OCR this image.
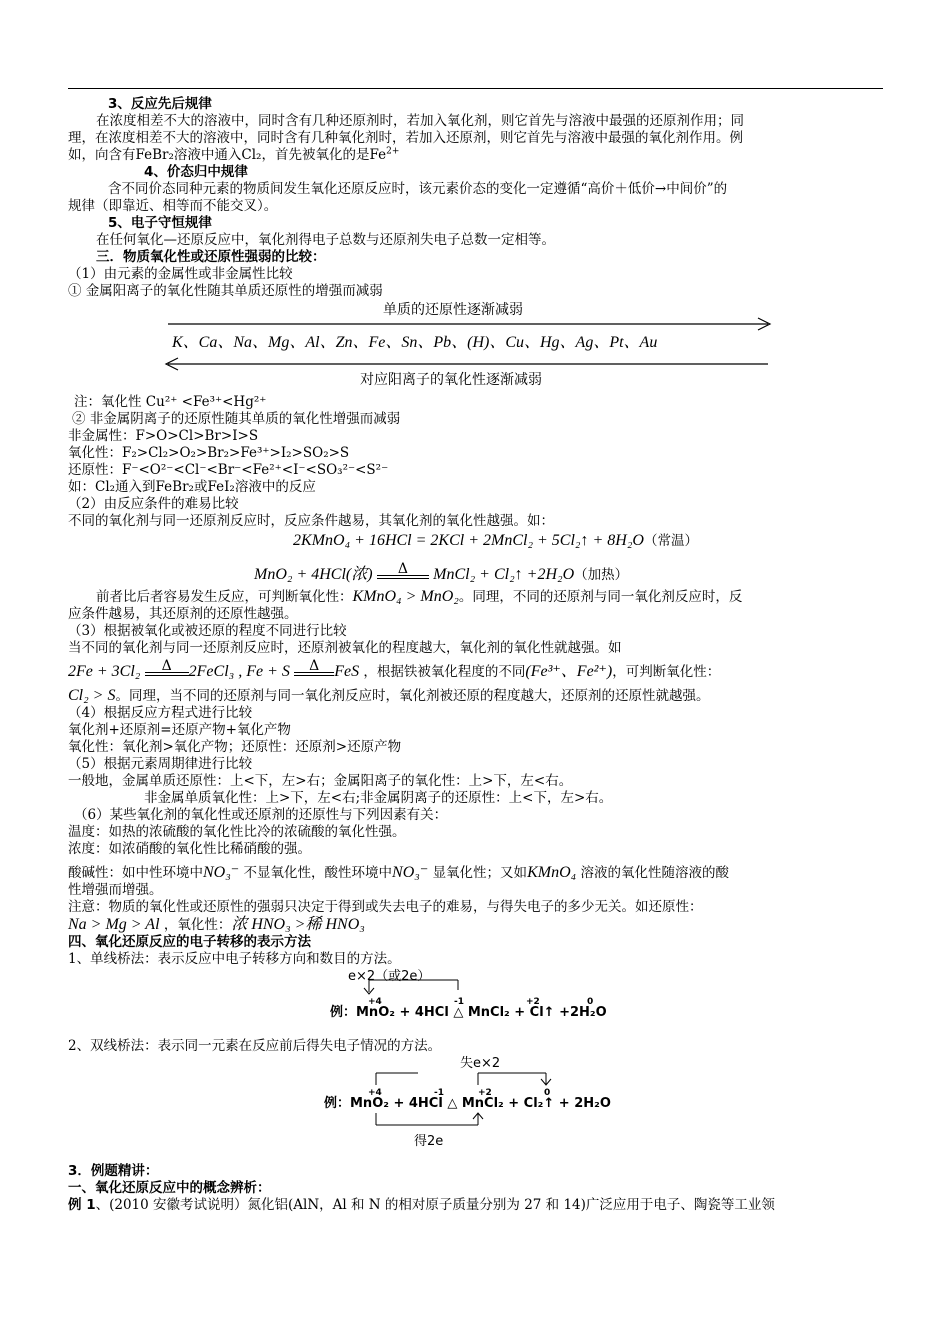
3、反应先后规律
在浓度相差不大的溶液中，同时含有几种还原剂时，若加入氧化剂，则它首先与溶液中最强的还原剂作用；同
理，在浓度相差不大的溶液中，同时含有几种氧化剂时，若加入还原剂，则它首先与溶液中最强的氧化剂作用。例
如，向含有FeBr₂溶液中通入Cl₂，首先被氧化的是$Fe^{2+}$
4、价态归中规律
含不同价态同种元素的物质间发生氧化还原反应时，该元素价态的变化一定遵循“高价＋低价→中间价”的
规律（即靠近、相等而不能交叉）。
5、电子守恒规律
在任何氧化—还原反应中，氧化剂得电子总数与还原剂失电子总数一定相等。
三．物质氧化性或还原性强弱的比较：
（1）由元素的金属性或非金属性比较
① 金属阳离子的氧化性随其单质还原性的增强而减弱
单质的还原性逐渐减弱
K、Ca、Na、Mg、Al、Zn、Fe、Sn、Pb、(H)、Cu、Hg、Ag、Pt、Au
对应阳离子的氧化性逐渐减弱
注：氧化性 Cu²⁺ <Fe³⁺<Hg²⁺
② 非金属阴离子的还原性随其单质的氧化性增强而减弱
非金属性：F>O>Cl>Br>I>S
氧化性：F₂>Cl₂>O₂>Br₂>Fe³⁺>I₂>SO₂>S
还原性：F⁻<O²⁻<Cl⁻<Br⁻<Fe²⁺<I⁻<SO₃²⁻<S²⁻
如：Cl₂通入到FeBr₂或FeI₂溶液中的反应
（2）由反应条件的难易比较
不同的氧化剂与同一还原剂反应时，反应条件越易，其氧化剂的氧化性越强。如：
2KMnO₄ + 16HCl = 2KCl + 2MnCl₂ + 5Cl₂↑ + 8H₂O（常温）
MnO₂ + 4HCl(浓)	Δ	MnCl₂ + Cl₂↑ +2H₂O（加热）
前者比后者容易发生反应，可判断氧化性：KMnO₄ > MnO₂。同理，不同的还原剂与同一氧化剂反应时，反
应条件越易，其还原剂的还原性越强。
（3）根据被氧化或被还原的程度不同进行比较
当不同的氧化剂与同一还原剂反应时，还原剂被氧化的程度越大，氧化剂的氧化性就越强。如
2Fe + 3Cl₂	Δ	2FeCl₃ , Fe + S	Δ FeS ，根据铁被氧化程度的不同(Fe³⁺、Fe²⁺)，可判断氧化性：
Cl₂ > S。同理，当不同的还原剂与同一氧化剂反应时，氧化剂被还原的程度越大，还原剂的还原性就越强。
（4）根据反应方程式进行比较
氧化剂+还原剂=还原产物+氧化产物
氧化性：氧化剂>氧化产物；还原性：还原剂>还原产物
（5）根据元素周期律进行比较
一般地，金属单质还原性：上<下，左>右；金属阳离子的氧化性：上>下，左<右。
非金属单质氧化性：上>下，左<右;非金属阴离子的还原性：上<下，左>右。
（6）某些氧化剂的氧化性或还原剂的还原性与下列因素有关：
温度：如热的浓硫酸的氧化性比冷的浓硫酸的氧化性强。
浓度：如浓硝酸的氧化性比稀硝酸的强。
酸碱性：如中性环境中NO₃⁻ 不显氧化性，酸性环境中NO₃⁻ 显氧化性；又如KMnO₄ 溶液的氧化性随溶液的酸
性增强而增强。
注意：物质的氧化性或还原性的强弱只决定于得到或失去电子的难易，与得失电子的多少无关。如还原性：
Na > Mg > Al ，氧化性：浓 HNO₃ >稀 HNO₃
四、氧化还原反应的电子转移的表示方法
1、单线桥法：表示反应中电子转移方向和数目的方法。
e×2（或2e）
+4	-1	+2	0
例：MnO₂ + 4HCl △ MnCl₂ + Cl↑ +2H₂O
2、双线桥法：表示同一元素在反应前后得失电子情况的方法。
失e×2
+4	-1	+2	0
例：MnO₂ + 4HCl △ MnCl₂ + Cl₂↑ + 2H₂O
得2e
3．例题精讲：
一、氧化还原反应中的概念辨析：
例 1、(2010 安徽考试说明）氮化铝(AlN，Al 和 N 的相对原子质量分别为 27 和 14)广泛应用于电子、陶瓷等工业领
